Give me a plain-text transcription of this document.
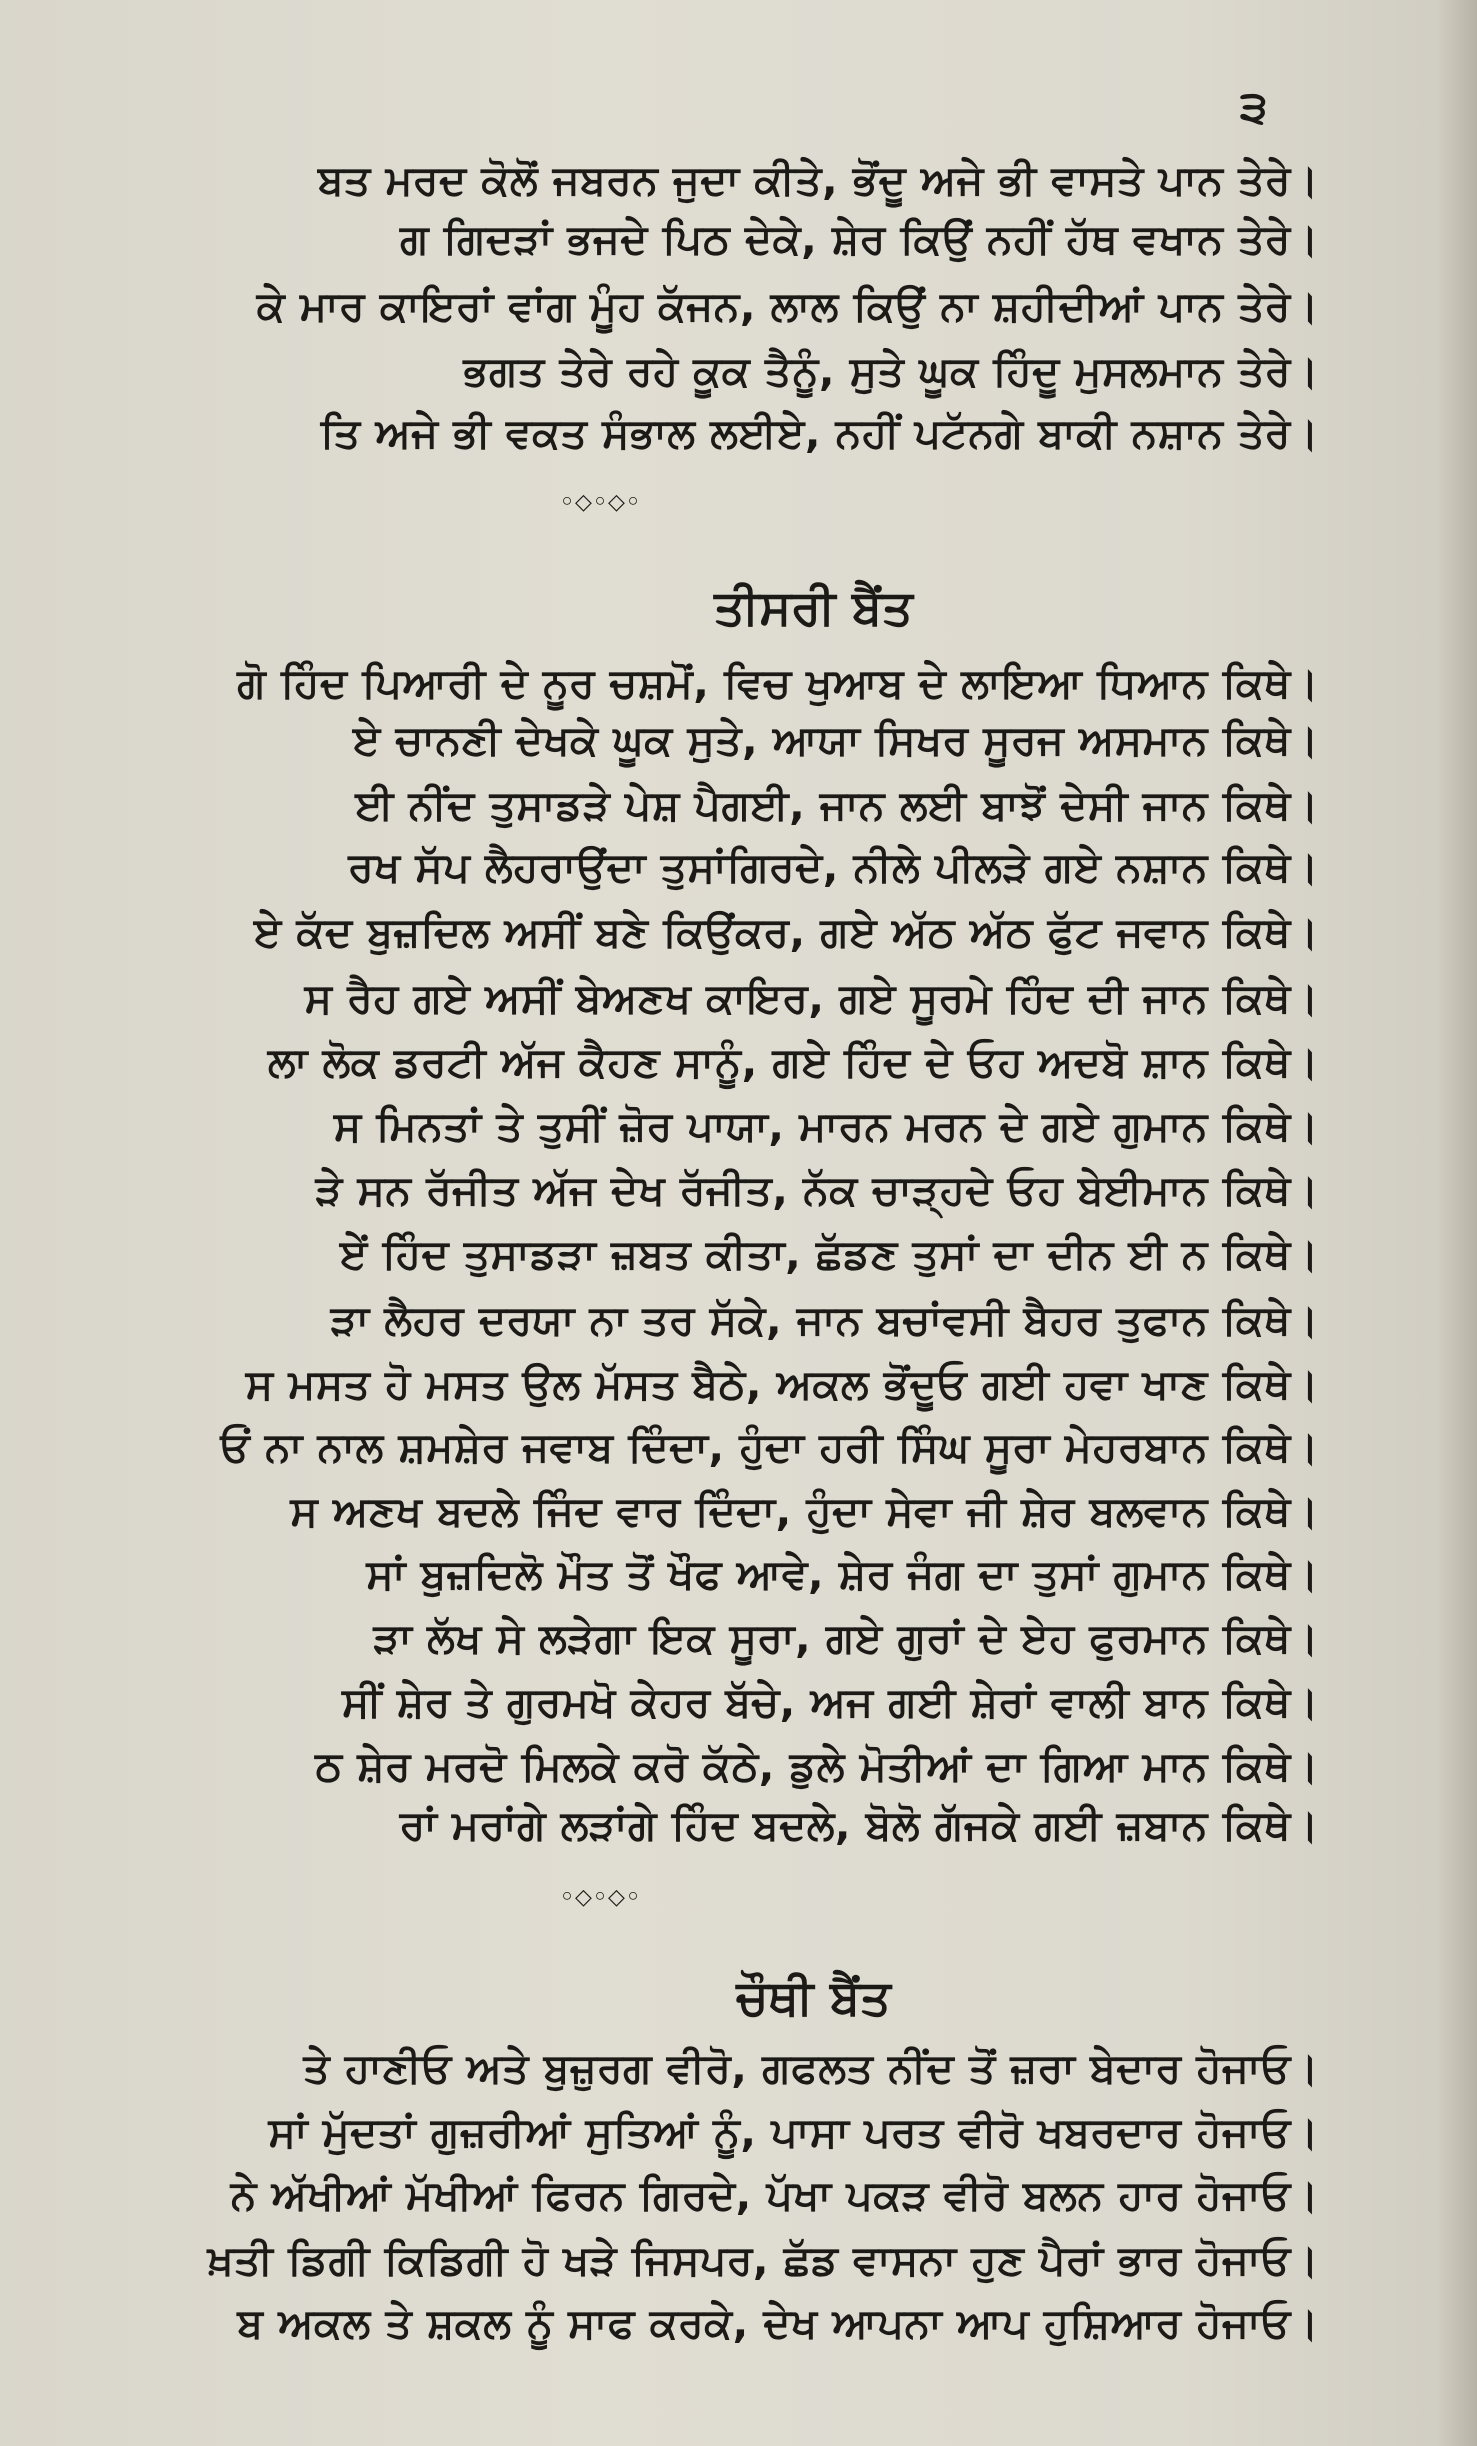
੩
ਬਤ ਮਰਦ ਕੋਲੋਂ ਜਬਰਨ ਜੁਦਾ ਕੀਤੇ, ਭੋਂਦੂ ਅਜੇ ਭੀ ਵਾਸਤੇ ਪਾਨ ਤੇਰੇ।
ਗ ਗਿਦੜਾਂ ਭਜਦੇ ਪਿਠ ਦੇਕੇ, ਸ਼ੇਰ ਕਿਉਂ ਨਹੀਂ ਹੱਥ ਵਖਾਨ ਤੇਰੇ।
ਕੇ ਮਾਰ ਕਾਇਰਾਂ ਵਾਂਗ ਮੂੰਹ ਕੱਜਨ, ਲਾਲ ਕਿਉਂ ਨਾ ਸ਼ਹੀਦੀਆਂ ਪਾਨ ਤੇਰੇ।
ਭਗਤ ਤੇਰੇ ਰਹੇ ਕੂਕ ਤੈਨੂੰ, ਸੁਤੇ ਘੂਕ ਹਿੰਦੂ ਮੁਸਲਮਾਨ ਤੇਰੇ।
ਤਿ ਅਜੇ ਭੀ ਵਕਤ ਸੰਭਾਲ ਲਈਏ, ਨਹੀਂ ਪਟੱਨਗੇ ਬਾਕੀ ਨਸ਼ਾਨ ਤੇਰੇ।
◦◇◦◇◦
ਤੀਸਰੀ ਬੈਂਤ
ਗੋ ਹਿੰਦ ਪਿਆਰੀ ਦੇ ਨੂਰ ਚਸ਼ਮੋਂ, ਵਿਚ ਖੁਆਬ ਦੇ ਲਾਇਆ ਧਿਆਨ ਕਿਥੇ।
ਏ ਚਾਨਣੀ ਦੇਖਕੇ ਘੂਕ ਸੁਤੇ, ਆਯਾ ਸਿਖਰ ਸੂਰਜ ਅਸਮਾਨ ਕਿਥੇ।
ਈ ਨੀਂਦ ਤੁਸਾਡੜੇ ਪੇਸ਼ ਪੈਗਈ, ਜਾਨ ਲਈ ਬਾਝੋਂ ਦੇਸੀ ਜਾਨ ਕਿਥੇ।
ਰਖ ਸੱਪ ਲੈਹਰਾਉਂਦਾ ਤੁਸਾਂਗਿਰਦੇ, ਨੀਲੇ ਪੀਲੜੇ ਗਏ ਨਸ਼ਾਨ ਕਿਥੇ।
ਏ ਕੱਦ ਬੁਜ਼ਦਿਲ ਅਸੀਂ ਬਣੇ ਕਿਉਂਕਰ, ਗਏ ਅੱਠ ਅੱਠ ਫੁੱਟ ਜਵਾਨ ਕਿਥੇ।
ਸ ਰੈਹ ਗਏ ਅਸੀਂ ਬੇਅਣਖ ਕਾਇਰ, ਗਏ ਸੂਰਮੇ ਹਿੰਦ ਦੀ ਜਾਨ ਕਿਥੇ।
ਲਾ ਲੋਕ ਡਰਟੀ ਅੱਜ ਕੈਹਣ ਸਾਨੂੰ, ਗਏ ਹਿੰਦ ਦੇ ਓਹ ਅਦਬੋ ਸ਼ਾਨ ਕਿਥੇ।
ਸ ਮਿਨਤਾਂ ਤੇ ਤੁਸੀਂ ਜ਼ੋਰ ਪਾਯਾ, ਮਾਰਨ ਮਰਨ ਦੇ ਗਏ ਗੁਮਾਨ ਕਿਥੇ।
ੜੇ ਸਨ ਰੱਜੀਤ ਅੱਜ ਦੇਖ ਰੱਜੀਤ, ਨੱਕ ਚਾੜ੍ਹਦੇ ਓਹ ਬੇਈਮਾਨ ਕਿਥੇ।
ਏਂ ਹਿੰਦ ਤੁਸਾਡੜਾ ਜ਼ਬਤ ਕੀਤਾ, ਛੱਡਣ ਤੁਸਾਂ ਦਾ ਦੀਨ ਈ ਨ ਕਿਥੇ।
ੜਾ ਲੈਹਰ ਦਰਯਾ ਨਾ ਤਰ ਸੱਕੇ, ਜਾਨ ਬਚਾਂਵਸੀ ਬੈਹਰ ਤੁਫਾਨ ਕਿਥੇ।
ਸ ਮਸਤ ਹੋ ਮਸਤ ਉਲ ਮੱਸਤ ਬੈਠੇ, ਅਕਲ ਭੋਂਦੂਓ ਗਈ ਹਵਾ ਖਾਣ ਕਿਥੇ।
ਓਂ ਨਾ ਨਾਲ ਸ਼ਮਸ਼ੇਰ ਜਵਾਬ ਦਿੰਦਾ, ਹੁੰਦਾ ਹਰੀ ਸਿੰਘ ਸੂਰਾ ਮੇਹਰਬਾਨ ਕਿਥੇ।
ਸ ਅਣਖ ਬਦਲੇ ਜਿੰਦ ਵਾਰ ਦਿੰਦਾ, ਹੁੰਦਾ ਸੇਵਾ ਜੀ ਸ਼ੇਰ ਬਲਵਾਨ ਕਿਥੇ।
ਸਾਂ ਬੁਜ਼ਦਿਲੋ ਮੌਤ ਤੋਂ ਖੌਫ ਆਵੇ, ਸ਼ੇਰ ਜੰਗ ਦਾ ਤੁਸਾਂ ਗੁਮਾਨ ਕਿਥੇ।
ੜਾ ਲੱਖ ਸੇ ਲੜੇਗਾ ਇਕ ਸੂਰਾ, ਗਏ ਗੁਰਾਂ ਦੇ ਏਹ ਫੁਰਮਾਨ ਕਿਥੇ।
ਸੀਂ ਸ਼ੇਰ ਤੇ ਗੁਰਮਖੋ ਕੇਹਰ ਬੱਚੇ, ਅਜ ਗਈ ਸ਼ੇਰਾਂ ਵਾਲੀ ਬਾਨ ਕਿਥੇ।
ਠ ਸ਼ੇਰ ਮਰਦੋ ਮਿਲਕੇ ਕਰੋ ਕੱਠੇ, ਡੁਲੇ ਮੋਤੀਆਂ ਦਾ ਗਿਆ ਮਾਨ ਕਿਥੇ।
ਰਾਂ ਮਰਾਂਗੇ ਲੜਾਂਗੇ ਹਿੰਦ ਬਦਲੇ, ਬੋਲੋ ਗੱਜਕੇ ਗਈ ਜ਼ਬਾਨ ਕਿਥੇ।
◦◇◦◇◦
ਚੌਥੀ ਬੈਂਤ
ਤੇ ਹਾਣੀਓ ਅਤੇ ਬੁਜ਼ੁਰਗ ਵੀਰੋ, ਗਫਲਤ ਨੀਂਦ ਤੋਂ ਜ਼ਰਾ ਬੇਦਾਰ ਹੋਜਾਓ।
ਸਾਂ ਮੁੱਦਤਾਂ ਗੁਜ਼ਰੀਆਂ ਸੁਤਿਆਂ ਨੂੰ, ਪਾਸਾ ਪਰਤ ਵੀਰੋ ਖਬਰਦਾਰ ਹੋਜਾਓ।
ਨੇ ਅੱਖੀਆਂ ਮੱਖੀਆਂ ਫਿਰਨ ਗਿਰਦੇ, ਪੱਖਾ ਪਕੜ ਵੀਰੋ ਬਲਨ ਹਾਰ ਹੋਜਾਓ।
ਖ਼ਤੀ ਡਿਗੀ ਕਿਡਿਗੀ ਹੋ ਖੜੇ ਜਿਸਪਰ, ਛੱਡ ਵਾਸਨਾ ਹੁਣ ਪੈਰਾਂ ਭਾਰ ਹੋਜਾਓ।
ਬ ਅਕਲ ਤੇ ਸ਼ਕਲ ਨੂੰ ਸਾਫ ਕਰਕੇ, ਦੇਖ ਆਪਨਾ ਆਪ ਹੁਸ਼ਿਆਰ ਹੋਜਾਓ।
